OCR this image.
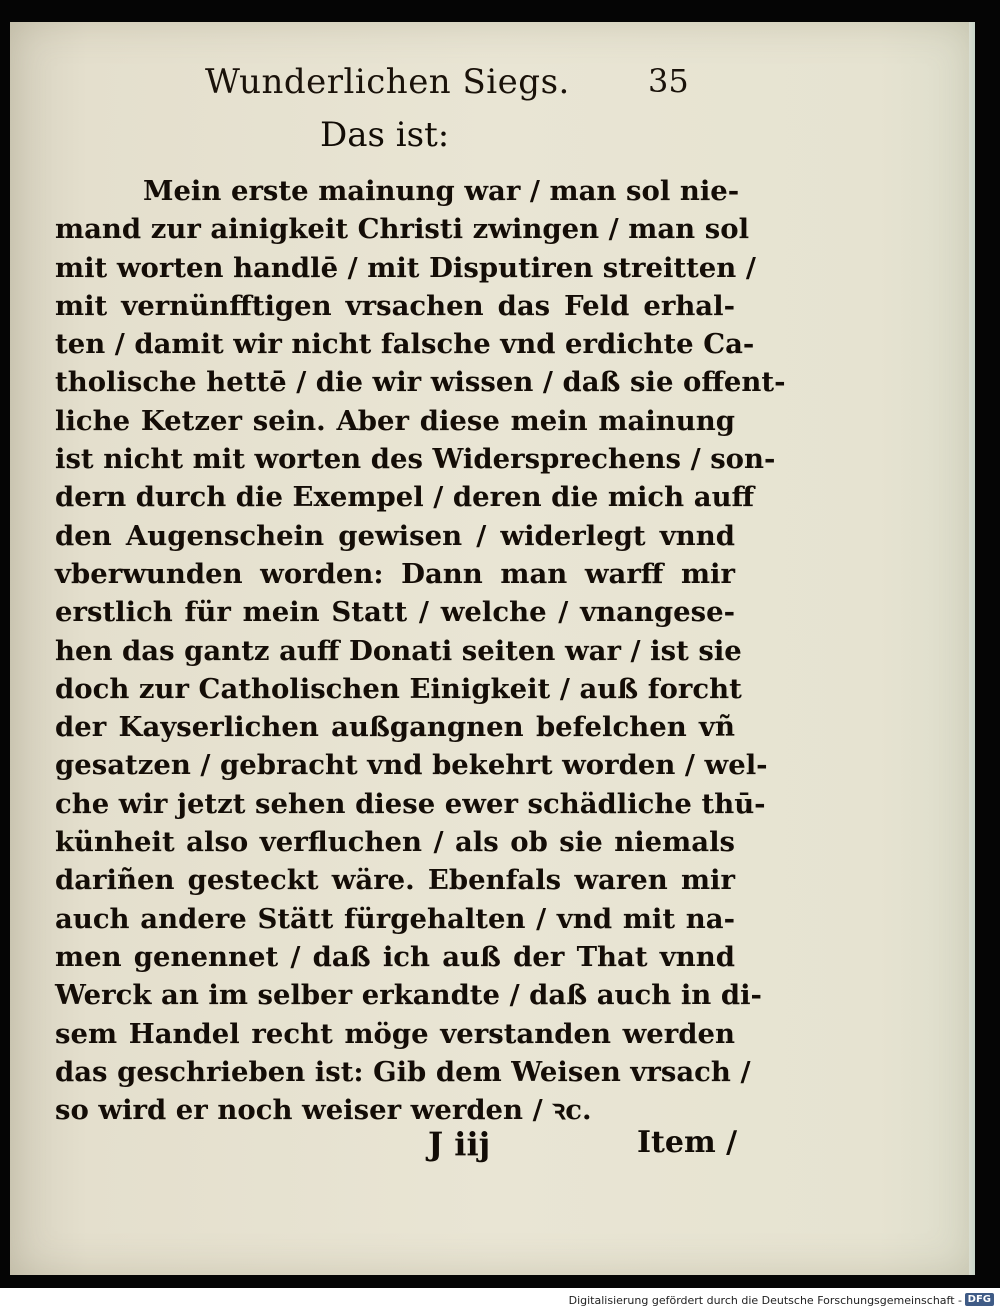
Wunderlichen Siegs. 35
Das ist:
Mein erste mainung war / man sol nie-
mand zur ainigkeit Christi zwingen / man sol
mit worten handlē / mit Disputiren streitten /
mit vernünfftigen vrsachen das Feld erhal-
ten / damit wir nicht falsche vnd erdichte Ca-
tholische hettē / die wir wissen / daß sie offent-
liche Ketzer sein. Aber diese mein mainung
ist nicht mit worten des Widersprechens / son-
dern durch die Exempel / deren die mich auff
den Augenschein gewisen / widerlegt vnnd
vberwunden worden: Dann man warff mir
erstlich für mein Statt / welche / vnangese-
hen das gantz auff Donati seiten war / ist sie
doch zur Catholischen Einigkeit / auß forcht
der Kayserlichen außgangnen befelchen vñ
gesatzen / gebracht vnd bekehrt worden / wel-
che wir jetzt sehen diese ewer schädliche thū-
künheit also verfluchen / als ob sie niemals
dariñen gesteckt wäre. Ebenfals waren mir
auch andere Stätt fürgehalten / vnd mit na-
men genennet / daß ich auß der That vnnd
Werck an im selber erkandte / daß auch in di-
sem Handel recht möge verstanden werden
das geschrieben ist: Gib dem Weisen vrsach /
so wird er noch weiser werden / ꝛc.
J iij	Item /
Digitalisierung gefördert durch die Deutsche Forschungsgemeinschaft - DFG
